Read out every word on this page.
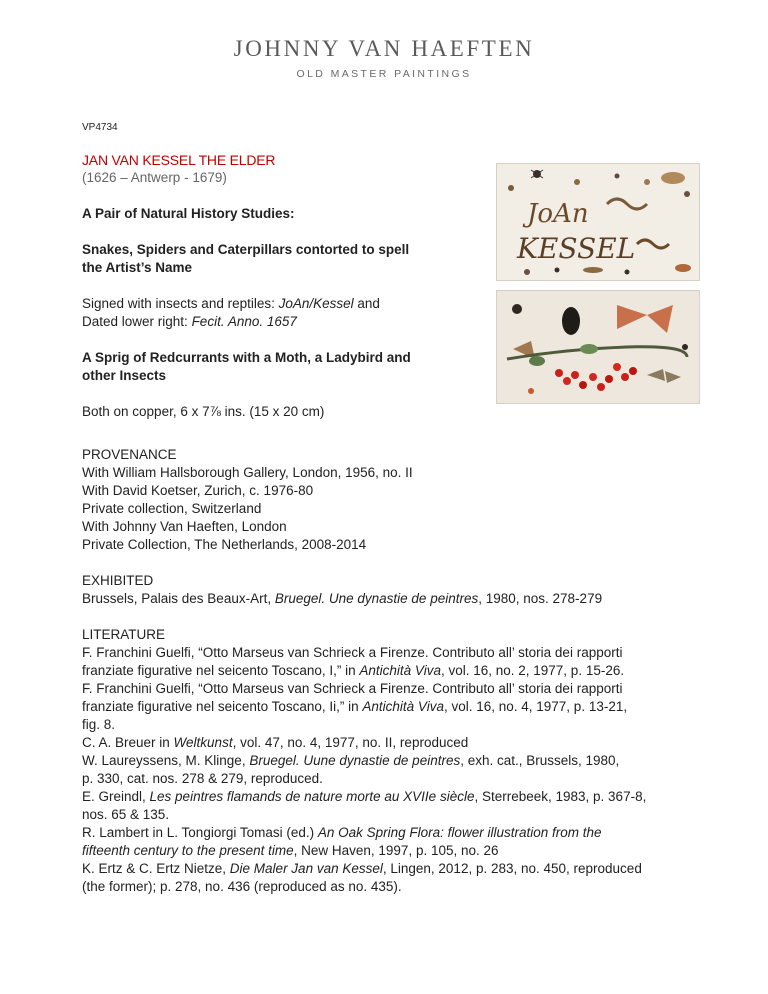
JOHNNY VAN HAEFTEN
OLD MASTER PAINTINGS
VP4734
JAN VAN KESSEL THE ELDER
(1626 – Antwerp - 1679)
A Pair of Natural History Studies:
Snakes, Spiders and Caterpillars contorted to spell
the Artist’s Name
Signed with insects and reptiles: JoAn/Kessel and
Dated lower right: Fecit. Anno. 1657
A Sprig of Redcurrants with a Moth, a Ladybird and
other Insects
Both on copper, 6 x 7⅞ ins. (15 x 20 cm)
JoAn
KESSEL
PROVENANCE
With William Hallsborough Gallery, London, 1956, no. II
With David Koetser, Zurich, c. 1976-80
Private collection, Switzerland
With Johnny Van Haeften, London
Private Collection, The Netherlands, 2008-2014
EXHIBITED
Brussels, Palais des Beaux-Art, Bruegel. Une dynastie de peintres, 1980, nos. 278-279
LITERATURE
F. Franchini Guelfi, “Otto Marseus van Schrieck a Firenze. Contributo all’ storia dei rapporti
franziate figurative nel seicento Toscano, I,” in Antichità Viva, vol. 16, no. 2, 1977, p. 15-26.
F. Franchini Guelfi, “Otto Marseus van Schrieck a Firenze. Contributo all’ storia dei rapporti
franziate figurative nel seicento Toscano, Ii,” in Antichità Viva, vol. 16, no. 4, 1977, p. 13-21,
fig. 8.
C. A. Breuer in Weltkunst, vol. 47, no. 4, 1977, no. II, reproduced
W. Laureyssens, M. Klinge, Bruegel. Uune dynastie de peintres, exh. cat., Brussels, 1980,
p. 330, cat. nos. 278 & 279, reproduced.
E. Greindl, Les peintres flamands de nature morte au XVIIe siècle, Sterrebeek, 1983, p. 367-8,
nos. 65 & 135.
R. Lambert in L. Tongiorgi Tomasi (ed.) An Oak Spring Flora: flower illustration from the
fifteenth century to the present time, New Haven, 1997, p. 105, no. 26
K. Ertz & C. Ertz Nietze, Die Maler Jan van Kessel, Lingen, 2012, p. 283, no. 450, reproduced
(the former); p. 278, no. 436 (reproduced as no. 435).
